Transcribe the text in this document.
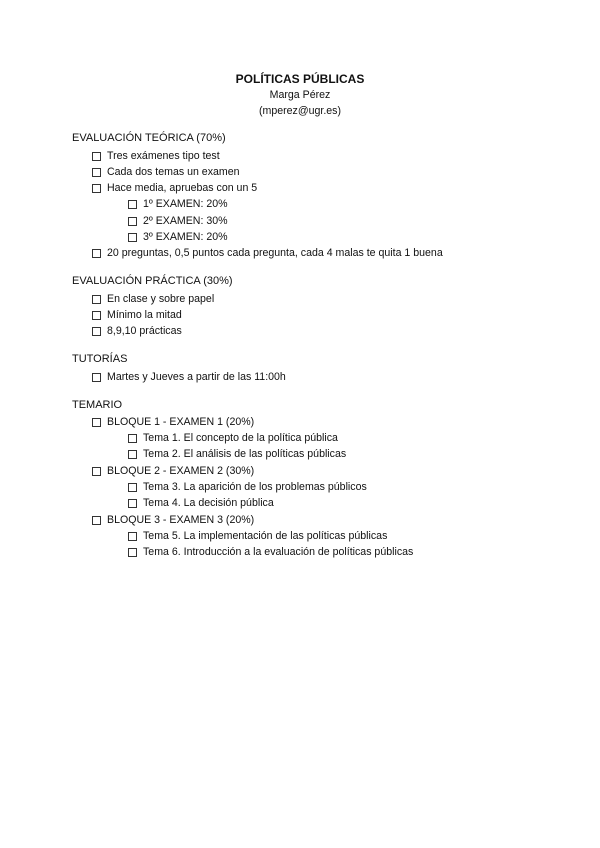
POLÍTICAS PÚBLICAS
Marga Pérez
(mperez@ugr.es)
EVALUACIÓN TEÓRICA (70%)
Tres exámenes tipo test
Cada dos temas un examen
Hace media, apruebas con un 5
1º EXAMEN: 20%
2º EXAMEN: 30%
3º EXAMEN: 20%
20 preguntas, 0,5 puntos cada pregunta, cada 4 malas te quita 1 buena
EVALUACIÓN PRÁCTICA (30%)
En clase y sobre papel
Mínimo la mitad
8,9,10 prácticas
TUTORÍAS
Martes y Jueves a partir de las 11:00h
TEMARIO
BLOQUE 1 - EXAMEN 1 (20%)
Tema 1. El concepto de la política pública
Tema 2. El análisis de las políticas públicas
BLOQUE 2 - EXAMEN 2 (30%)
Tema 3. La aparición de los problemas públicos
Tema 4. La decisión pública
BLOQUE 3 - EXAMEN 3 (20%)
Tema 5. La implementación de las políticas públicas
Tema 6. Introducción a la evaluación de políticas públicas
